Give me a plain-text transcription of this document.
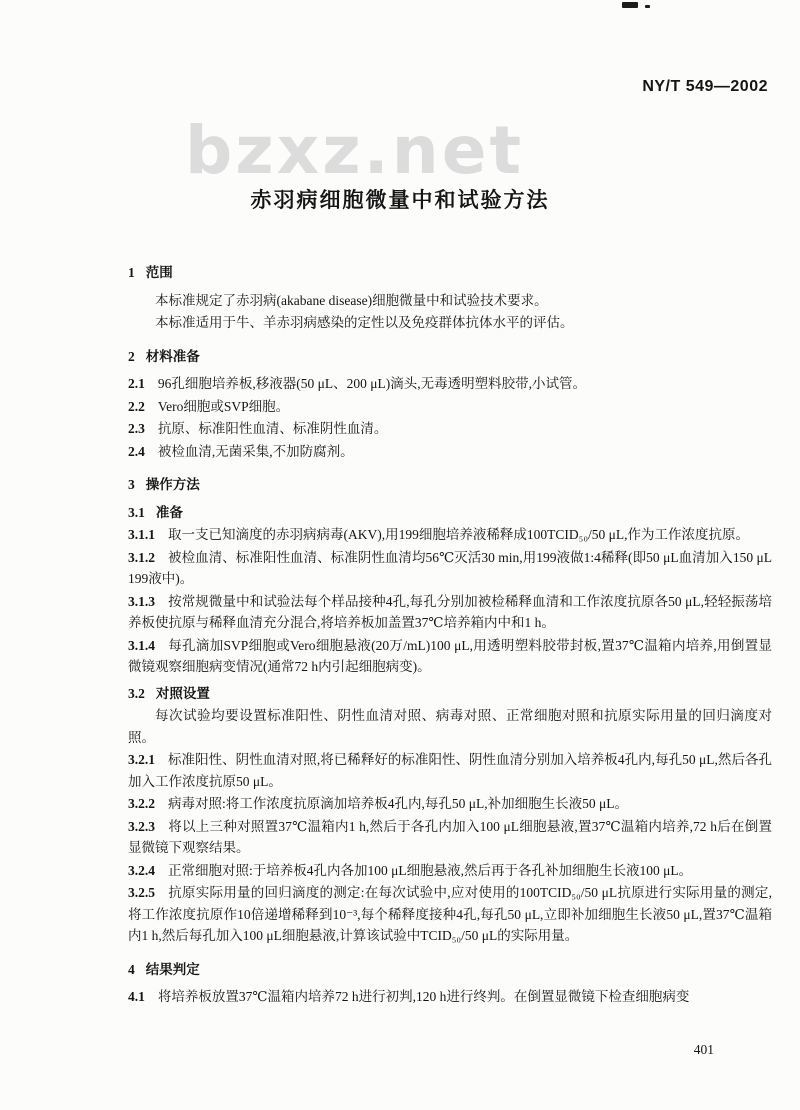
NY/T 549—2002
bzxz.net
赤羽病细胞微量中和试验方法

1 范围

本标准规定了赤羽病(akabane disease)细胞微量中和试验技术要求。

本标准适用于牛、羊赤羽病感染的定性以及免疫群体抗体水平的评估。

2 材料准备

2.1 96孔细胞培养板,移液器(50 μL、200 μL)滴头,无毒透明塑料胶带,小试管。

2.2 Vero细胞或SVP细胞。

2.3 抗原、标准阳性血清、标准阴性血清。

2.4 被检血清,无菌采集,不加防腐剂。

3 操作方法

3.1 准备

3.1.1 取一支已知滴度的赤羽病病毒(AKV),用199细胞培养液稀释成100TCID₅₀/50 μL,作为工作浓度抗原。

3.1.2 被检血清、标准阳性血清、标准阴性血清均56℃灭活30 min,用199液做1:4稀释(即50 μL血清加入150 μL 199液中)。

3.1.3 按常规微量中和试验法每个样品接种4孔,每孔分别加被检稀释血清和工作浓度抗原各50 μL,轻轻振荡培养板使抗原与稀释血清充分混合,将培养板加盖置37℃培养箱内中和1 h。

3.1.4 每孔滴加SVP细胞或Vero细胞悬液(20万/mL)100 μL,用透明塑料胶带封板,置37℃温箱内培养,用倒置显微镜观察细胞病变情况(通常72 h内引起细胞病变)。

3.2 对照设置

每次试验均要设置标准阳性、阴性血清对照、病毒对照、正常细胞对照和抗原实际用量的回归滴度对照。

3.2.1 标准阳性、阴性血清对照,将已稀释好的标准阳性、阴性血清分别加入培养板4孔内,每孔50 μL,然后各孔加入工作浓度抗原50 μL。

3.2.2 病毒对照:将工作浓度抗原滴加培养板4孔内,每孔50 μL,补加细胞生长液50 μL。

3.2.3 将以上三种对照置37℃温箱内1 h,然后于各孔内加入100 μL细胞悬液,置37℃温箱内培养,72 h后在倒置显微镜下观察结果。

3.2.4 正常细胞对照:于培养板4孔内各加100 μL细胞悬液,然后再于各孔补加细胞生长液100 μL。

3.2.5 抗原实际用量的回归滴度的测定:在每次试验中,应对使用的100TCID₅₀/50 μL抗原进行实际用量的测定,将工作浓度抗原作10倍递增稀释到10⁻³,每个稀释度接种4孔,每孔50 μL,立即补加细胞生长液50 μL,置37℃温箱内1 h,然后每孔加入100 μL细胞悬液,计算该试验中TCID₅₀/50 μL的实际用量。

4 结果判定

4.1 将培养板放置37℃温箱内培养72 h进行初判,120 h进行终判。在倒置显微镜下检查细胞病变

401
